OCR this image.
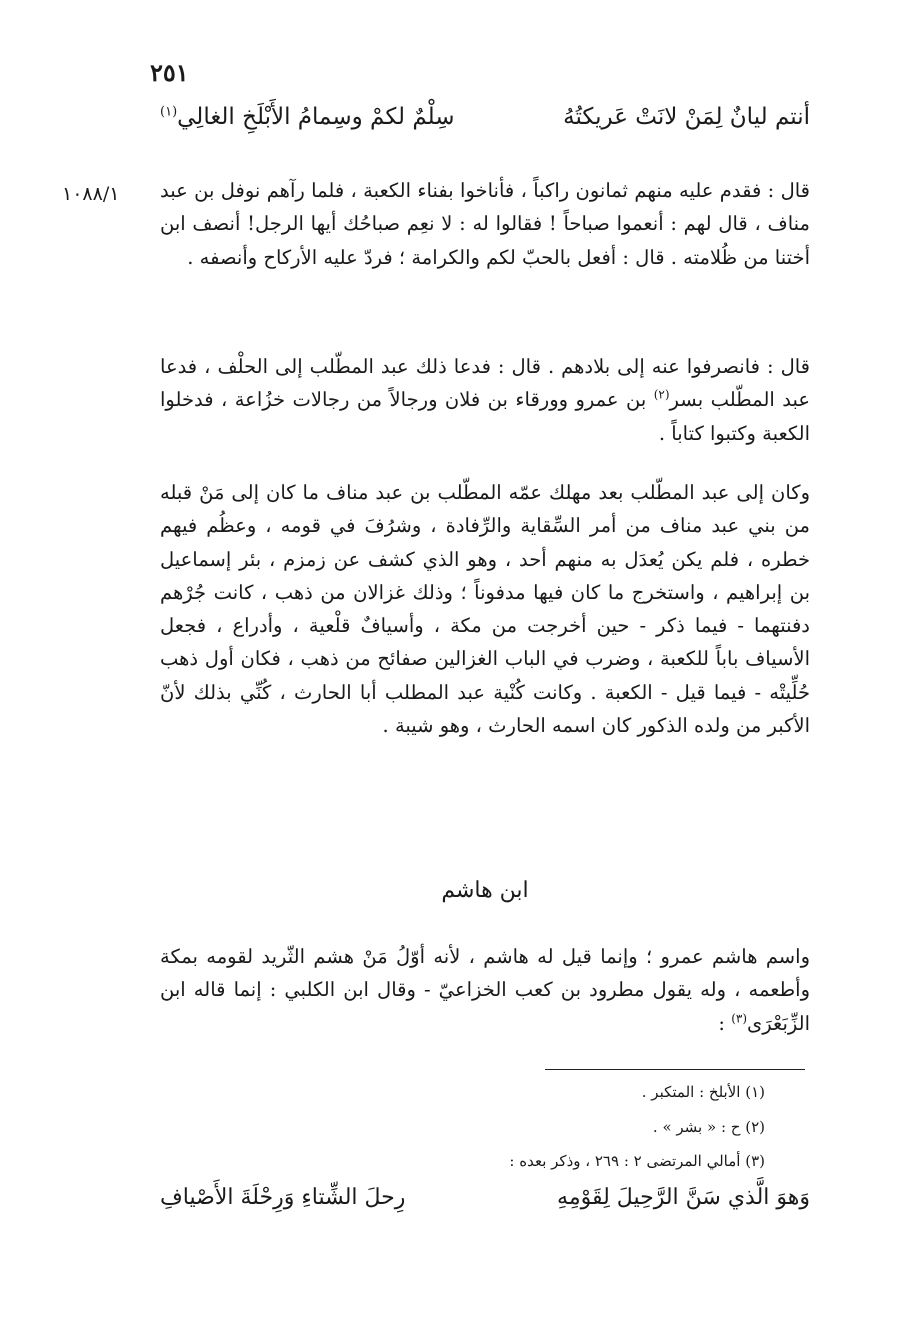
٢٥١
أنتم ليانٌ لِمَنْ لانَتْ عَريكتُهُ
سِلْمٌ لكمْ وسِمامُ الأَبْلَخِ الغالِي$^{(١)}$
١٠٨٨/١	قال : فقدم عليه منهم ثمانون راكباً ، فأناخوا بفناء الكعبة ، فلما رآهم نوفل بن عبد مناف ، قال لهم : أنعموا صباحاً ! فقالوا له : لا نعِم صباحُك أيها الرجل! أنصف ابن أختنا من ظُلامته . قال : أفعل بالحبّ لكم والكرامة ؛ فردّ عليه الأركاح وأنصفه .

قال : فانصرفوا عنه إلى بلادهم . قال : فدعا ذلك عبد المطّلب إلى الحلْف ، فدعا عبد المطّلب بسر$^{(٢)}$ بن عمرو وورقاء بن فلان ورجالاً من رجالات خزُاعة ، فدخلوا الكعبة وكتبوا كتاباً .

وكان إلى عبد المطّلب بعد مهلك عمّه المطّلب بن عبد مناف ما كان إلى مَنْ قبله من بني عبد مناف من أمر السِّقاية والرِّفادة ، وشرُفَ في قومه ، وعظُم فيهم خطره ، فلم يكن يُعدَل به منهم أحد ، وهو الذي كشف عن زمزم ، بئر إسماعيل بن إبراهيم ، واستخرج ما كان فيها مدفوناً ؛ وذلك غزالان من ذهب ، كانت جُرْهم دفنتهما - فيما ذكر - حين أخرجت من مكة ، وأسيافٌ قلْعية ، وأدراع ، فجعل الأسياف باباً للكعبة ، وضرب في الباب الغزالين صفائح من ذهب ، فكان أول ذهب حُلِّيتْه - فيما قيل - الكعبة . وكانت كُنْية عبد المطلب أبا الحارث ، كُنِّي بذلك لأنّ الأكبر من ولده الذكور كان اسمه الحارث ، وهو شيبة .

ابن هاشم

واسم هاشم عمرو ؛ وإنما قيل له هاشم ، لأنه أوّلُ مَنْ هشم الثّريد لقومه بمكة وأطعمه ، وله يقول مطرود بن كعب الخزاعيّ - وقال ابن الكلبي : إنما قاله ابن الزِّبَعْرَى$^{(٣)}$ :

(١) الأبلخ : المتكبر .
(٢) ح : « بشر » .
(٣) أمالي المرتضى ٢ : ٢٦٩ ، وذكر بعده :
وَهوَ الَّذي سَنَّ الرَّحِيلَ لِقَوْمِهِ
رِحلَ الشِّتاءِ وَرِحْلَةَ الأَصْيافِ
